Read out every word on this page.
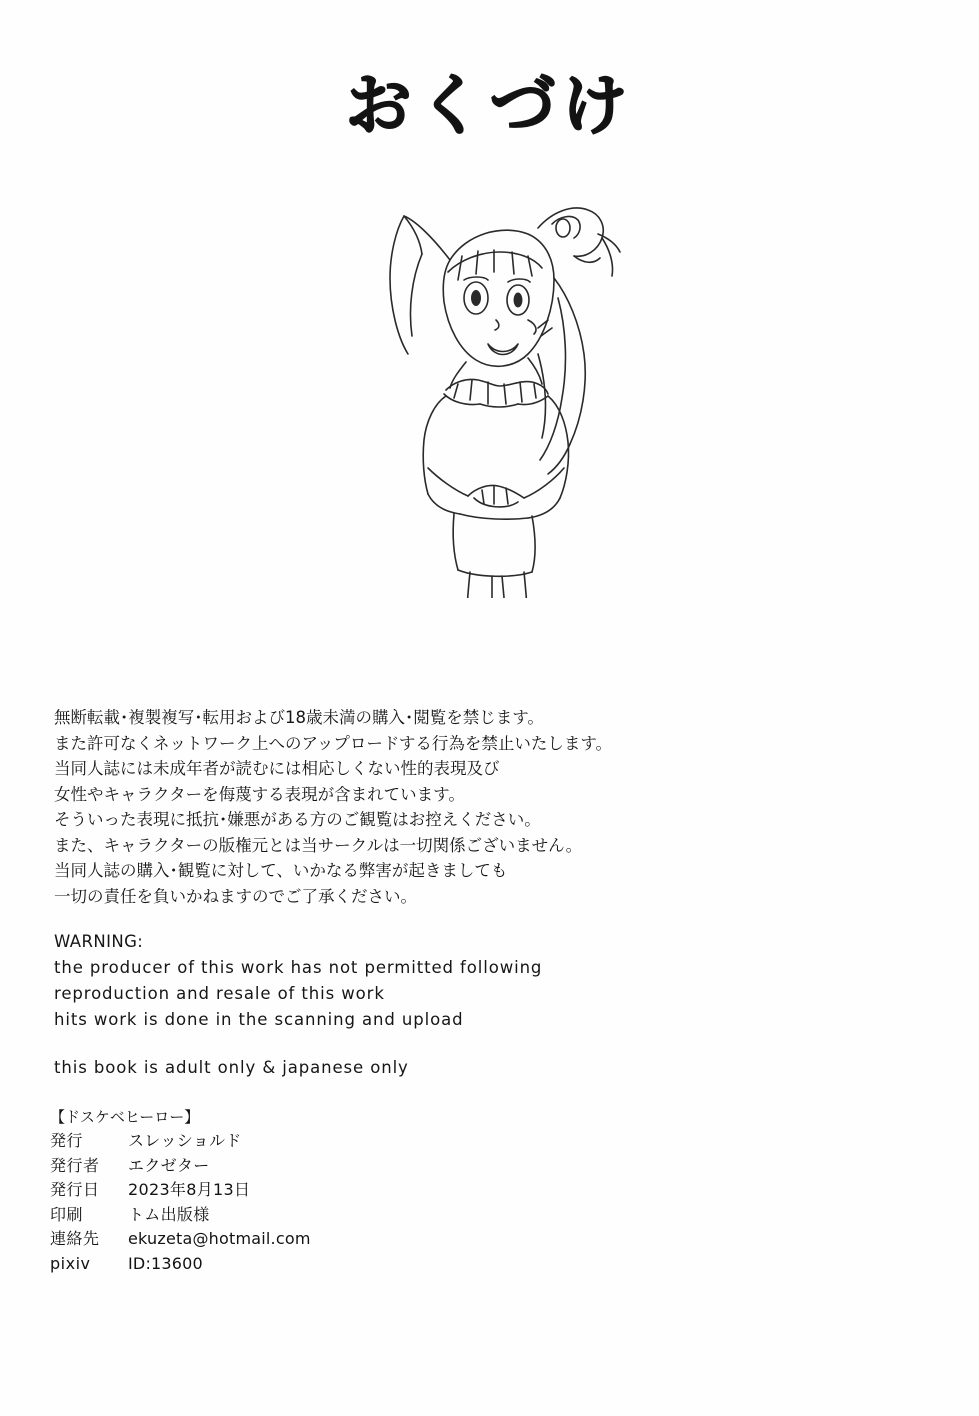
おくづけ
無断転載･複製複写･転用および18歳未満の購入･閲覧を禁じます。
また許可なくネットワーク上へのアップロードする行為を禁止いたします。
当同人誌には未成年者が読むには相応しくない性的表現及び
女性やキャラクターを侮蔑する表現が含まれています。
そういった表現に抵抗･嫌悪がある方のご観覧はお控えください。
また、キャラクターの版権元とは当サークルは一切関係ございません。
当同人誌の購入･観覧に対して、いかなる弊害が起きましても
一切の責任を負いかねますのでご了承ください。
WARNING:
the producer of this work has not permitted following
reproduction and resale of this work
hits work is done in the scanning and upload
this book is adult only & japanese only
【ドスケベヒーロー】
発行	スレッショルド
発行者	エクゼター
発行日	2023年8月13日
印刷	トム出版様
連絡先	ekuzeta@hotmail.com
pixiv	ID:13600
